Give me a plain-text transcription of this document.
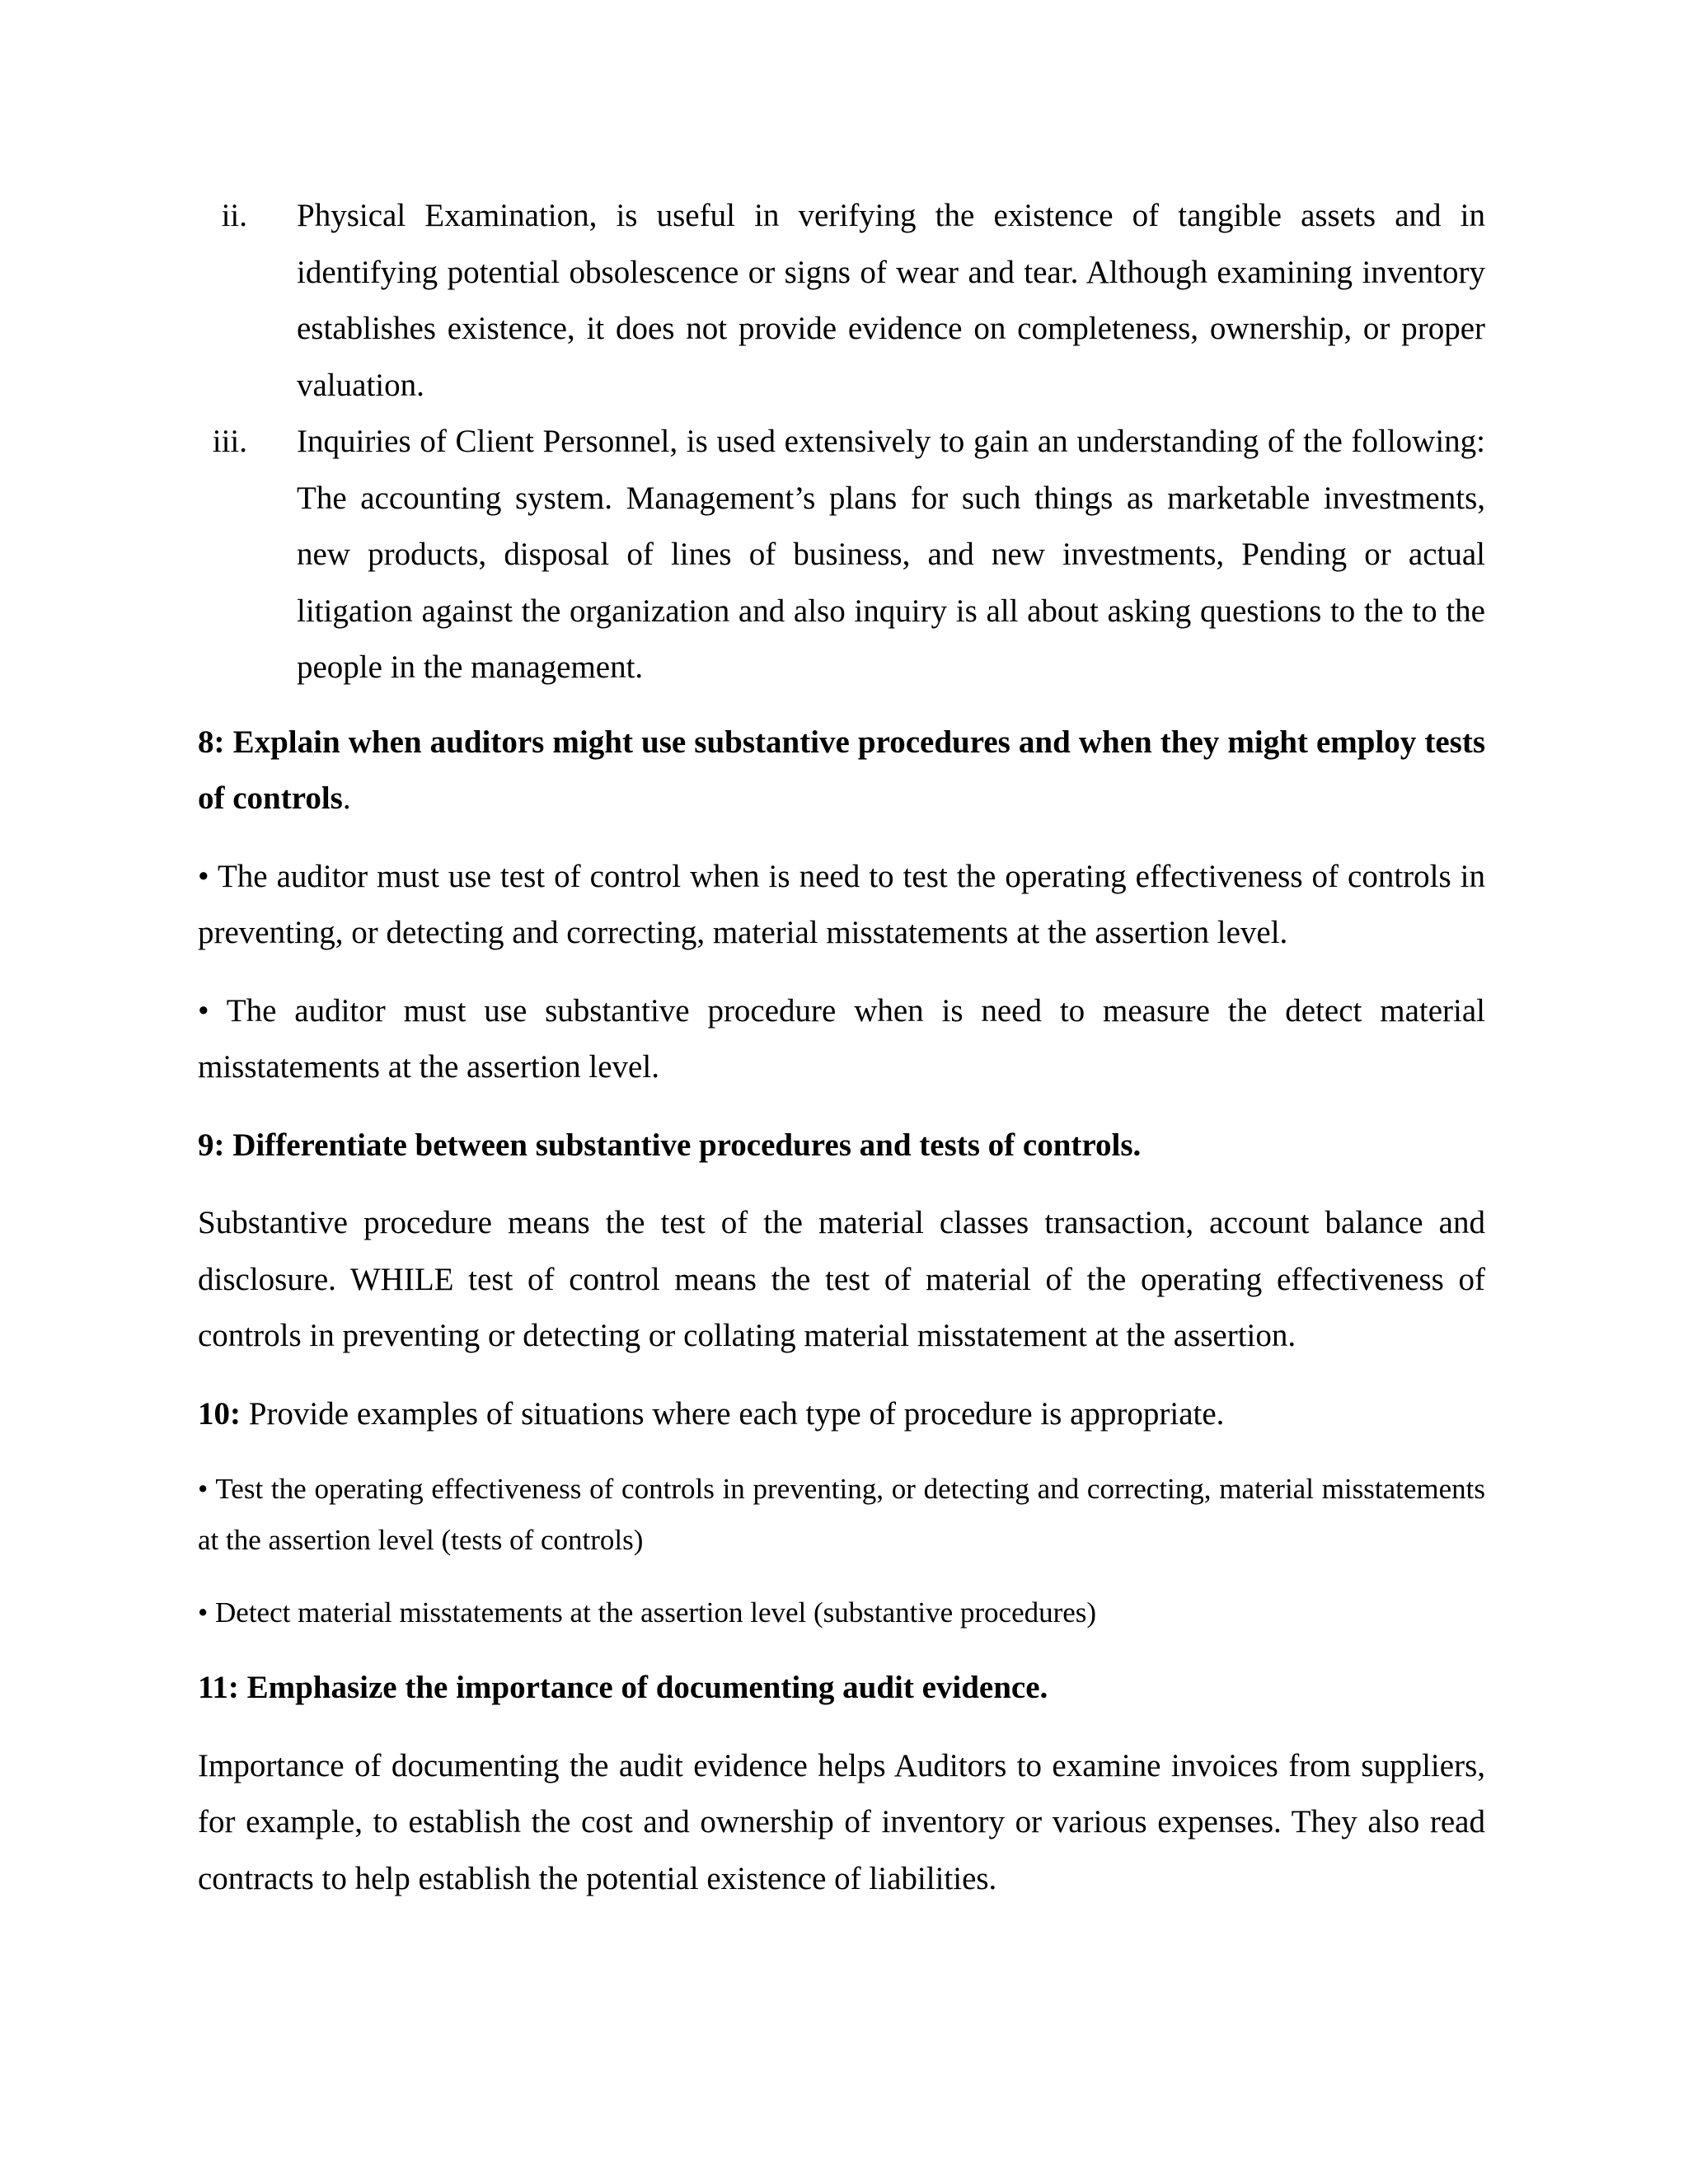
ii. Physical Examination, is useful in verifying the existence of tangible assets and in identifying potential obsolescence or signs of wear and tear. Although examining inventory establishes existence, it does not provide evidence on completeness, ownership, or proper valuation.
iii. Inquiries of Client Personnel, is used extensively to gain an understanding of the following: The accounting system. Management’s plans for such things as marketable investments, new products, disposal of lines of business, and new investments, Pending or actual litigation against the organization and also inquiry is all about asking questions to the to the people in the management.
8: Explain when auditors might use substantive procedures and when they might employ tests of controls.
• The auditor must use test of control when is need to test the operating effectiveness of controls in preventing, or detecting and correcting, material misstatements at the assertion level.
• The auditor must use substantive procedure when is need to measure the detect material misstatements at the assertion level.
9: Differentiate between substantive procedures and tests of controls.
Substantive procedure means the test of the material classes transaction, account balance and disclosure. WHILE test of control means the test of material of the operating effectiveness of controls in preventing or detecting or collating material misstatement at the assertion.
10: Provide examples of situations where each type of procedure is appropriate.
• Test the operating effectiveness of controls in preventing, or detecting and correcting, material misstatements at the assertion level (tests of controls)
• Detect material misstatements at the assertion level (substantive procedures)
11: Emphasize the importance of documenting audit evidence.
Importance of documenting the audit evidence helps Auditors to examine invoices from suppliers, for example, to establish the cost and ownership of inventory or various expenses. They also read contracts to help establish the potential existence of liabilities.
